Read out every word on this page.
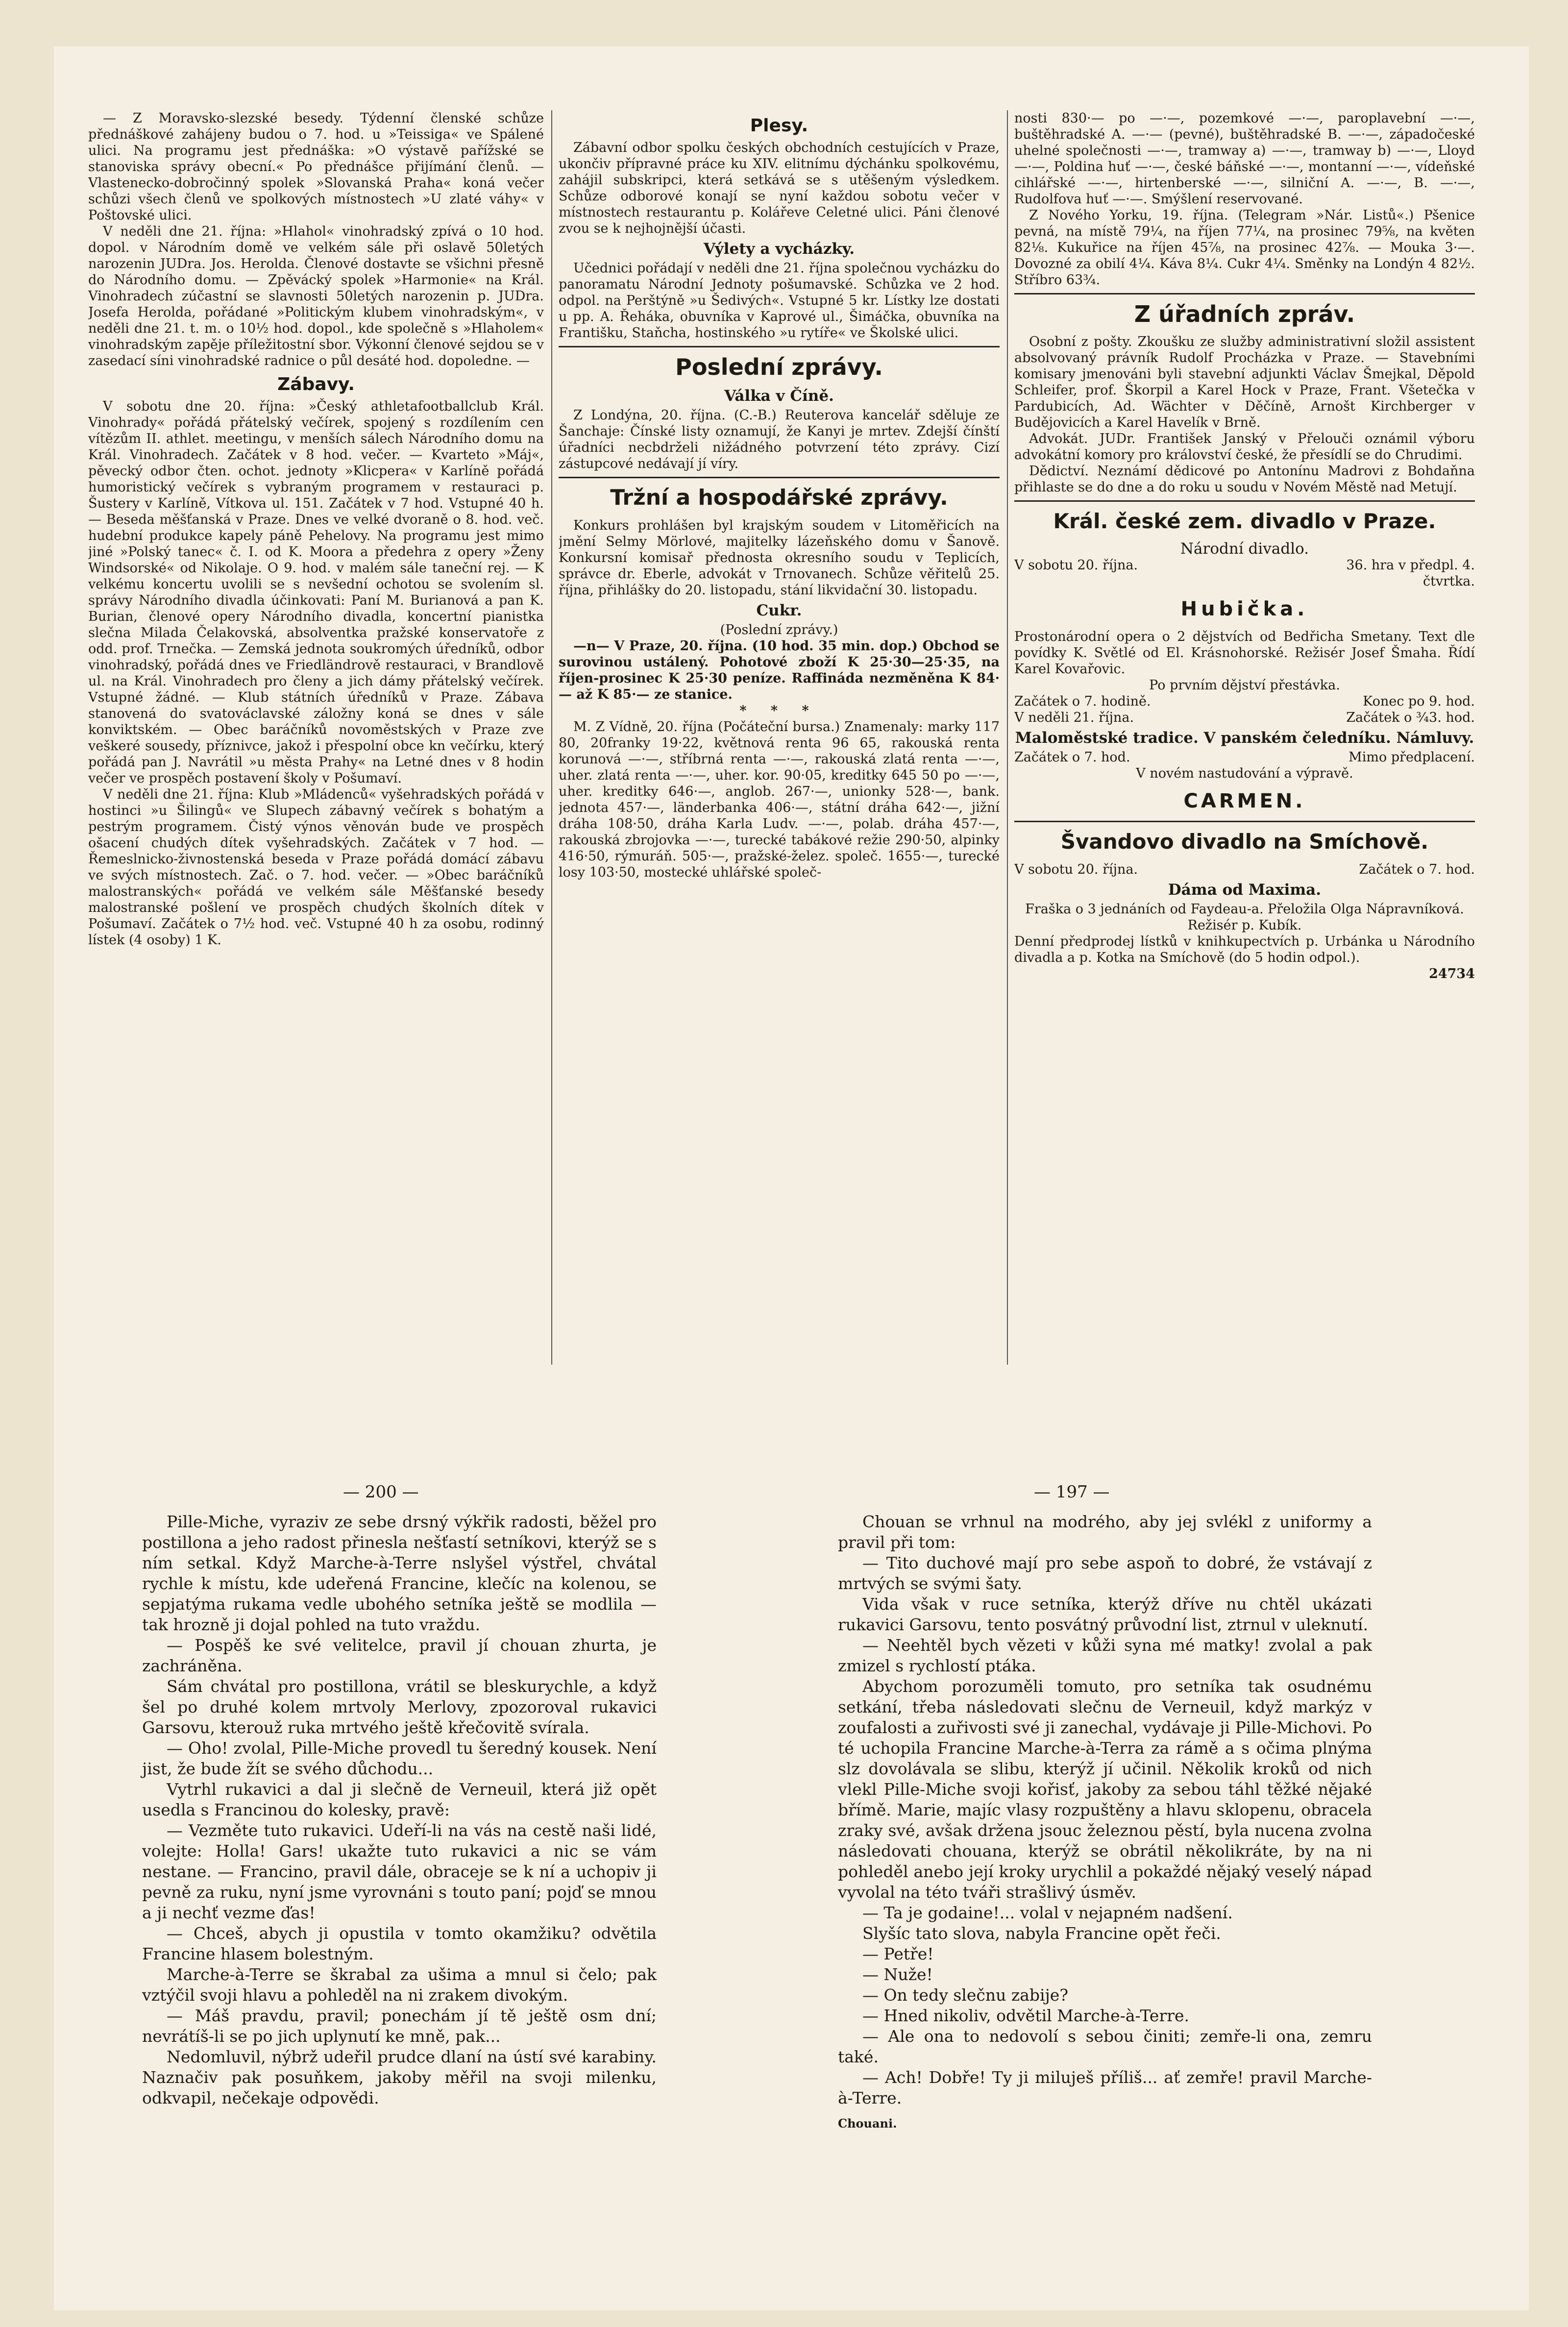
— Z Moravsko-slezské besedy. Týdenní členské schůze přednáškové zahájeny budou o 7. hod. u »Teissiga« ve Spálené ulici. Na programu jest přednáška: »O výstavě pařížské se stanoviska správy obecní.« Po přednášce přijímání členů. — Vlastenecko-dobročinný spolek »Slovanská Praha« koná večer schůzi všech členů ve spolkových místnostech »U zlaté váhy« v Poštovské ulici.

V neděli dne 21. října: »Hlahol« vinohradský zpívá o 10 hod. dopol. v Národním domě ve velkém sále při oslavě 50letých narozenin JUDra. Jos. Herolda. Členové dostavte se všichni přesně do Národního domu. — Zpěvácký spolek »Harmonie« na Král. Vinohradech zúčastní se slavnosti 50letých narozenin p. JUDra. Josefa Herolda, pořádané »Politickým klubem vinohradským«, v neděli dne 21. t. m. o 10½ hod. dopol., kde společně s »Hlaholem« vinohradským zapěje příležitostní sbor. Výkonní členové sejdou se v zasedací síni vinohradské radnice o půl desáté hod. dopoledne. —

Zábavy.

V sobotu dne 20. října: »Český athletafootballclub Král. Vinohrady« pořádá přátelský večírek, spojený s rozdílením cen vítězům II. athlet. meetingu, v menších sálech Národního domu na Král. Vinohradech. Začátek v 8 hod. večer. — Kvarteto »Máj«, pěvecký odbor čten. ochot. jednoty »Klicpera« v Karlíně pořádá humoristický večírek s vybraným programem v restauraci p. Šustery v Karlíně, Vítkova ul. 151. Začátek v 7 hod. Vstupné 40 h. — Beseda měšťanská v Praze. Dnes ve velké dvoraně o 8. hod. več. hudební produkce kapely páně Pehelovy. Na programu jest mimo jiné »Polský tanec« č. I. od K. Moora a předehra z opery »Ženy Windsorské« od Nikolaje. O 9. hod. v malém sále taneční rej. — K velkému koncertu uvolili se s nevšední ochotou se svolením sl. správy Národního divadla účinkovati: Paní M. Burianová a pan K. Burian, členové opery Národního divadla, koncertní pianistka slečna Milada Čelakovská, absolventka pražské konservatoře z odd. prof. Trnečka. — Zemská jednota soukromých úředníků, odbor vinohradský, pořádá dnes ve Friedländrově restauraci, v Brandlově ul. na Král. Vinohradech pro členy a jich dámy přátelský večírek. Vstupné žádné. — Klub státních úředníků v Praze. Zábava stanovená do svatováclavské záložny koná se dnes v sále konviktském. — Obec baráčníků novoměstských v Praze zve veškeré sousedy, příznivce, jakož i přespolní obce kn večírku, který pořádá pan J. Navrátil »u města Prahy« na Letné dnes v 8 hodin večer ve prospěch postavení školy v Pošumaví.

V neděli dne 21. října: Klub »Mládenců« vyšehradských pořádá v hostinci »u Šilingů« ve Slupech zábavný večírek s bohatým a pestrým programem. Čistý výnos věnován bude ve prospěch ošacení chudých dítek vyšehradských. Začátek v 7 hod. — Řemeslnicko-živnostenská beseda v Praze pořádá domácí zábavu ve svých místnostech. Zač. o 7. hod. večer. — »Obec baráčníků malostranských« pořádá ve velkém sále Měšťanské besedy malostranské pošlení ve prospěch chudých školních dítek v Pošumaví. Začátek o 7½ hod. več. Vstupné 40 h za osobu, rodinný lístek (4 osoby) 1 K.

Plesy.

Zábavní odbor spolku českých obchodních cestujících v Praze, ukončiv přípravné práce ku XIV. elitnímu dýchánku spolkovému, zahájil subskripci, která setkává se s utěšeným výsledkem. Schůze odborové konají se nyní každou sobotu večer v místnostech restaurantu p. Kolářeve Celetné ulici. Páni členové zvou se k nejhojnější účasti.

Výlety a vycházky.

Učednici pořádají v neděli dne 21. října společnou vycházku do panoramatu Národní Jednoty pošumavské. Schůzka ve 2 hod. odpol. na Perštýně »u Šedivých«. Vstupné 5 kr. Lístky lze dostati u pp. A. Řeháka, obuvníka v Kaprové ul., Šimáčka, obuvníka na Františku, Staňcha, hostinského »u rytíře« ve Školské ulici.

Poslední zprávy.
Válka v Číně.

Z Londýna, 20. října. (C.-B.) Reuterova kancelář sděluje ze Šanchaje: Čínské listy oznamují, že Kanyi je mrtev. Zdejší čínští úřadníci necbdrželi nižádného potvrzení této zprávy. Cizí zástupcové nedávají jí víry.

Tržní a hospodářské zprávy.

Konkurs prohlášen byl krajským soudem v Litoměřicích na jmění Selmy Mörlové, majitelky lázeňského domu v Šanově. Konkursní komisař přednosta okresního soudu v Teplicích, správce dr. Eberle, advokát v Trnovanech. Schůze věřitelů 25. října, přihlášky do 20. listopadu, stání likvidační 30. listopadu.

Cukr.
(Poslední zprávy.)

—n— V Praze, 20. října. (10 hod. 35 min. dop.) Obchod se surovinou ustálený. Pohotové zboží K 25·30—25·35, na říjen-prosinec K 25·30 peníze. Raffináda nezměněna K 84·— až K 85·— ze stanice.

* * *

M. Z Vídně, 20. října (Počáteční bursa.) Znamenaly: marky 117 80, 20franky 19·22, květnová renta 96 65, rakouská renta korunová —·—, stříbrná renta —·—, rakouská zlatá renta —·—, uher. zlatá renta —·—, uher. kor. 90·05, kreditky 645 50 po —·—, uher. kreditky 646·—, anglob. 267·—, unionky 528·—, bank. jednota 457·—, länderbanka 406·—, státní dráha 642·—, jižní dráha 108·50, dráha Karla Ludv. —·—, polab. dráha 457·—, rakouská zbrojovka —·—, turecké tabákové režie 290·50, alpinky 416·50, rýmuráň. 505·—, pražské-želez. společ. 1655·—, turecké losy 103·50, mostecké uhlářské společ-

nosti 830·— po —·—, pozemkové —·—, paroplavební —·—, buštěhradské A. —·— (pevné), buštěhradské B. —·—, západočeské uhelné společnosti —·—, tramway a) —·—, tramway b) —·—, Lloyd —·—, Poldina huť —·—, české báňské —·—, montanní —·—, vídeňské cihlářské —·—, hirtenberské —·—, silniční A. —·—, B. —·—, Rudolfova huť —·—. Smýšlení reservované.

Z Nového Yorku, 19. října. (Telegram »Nár. Listů«.) Pšenice pevná, na místě 79¼, na říjen 77¼, na prosinec 79⅝, na květen 82⅛. Kukuřice na říjen 45⅞, na prosinec 42⅞. — Mouka 3·—. Dovozné za obilí 4¼. Káva 8¼. Cukr 4¼. Směnky na Londýn 4 82½. Stříbro 63¾.

Z úřadních zpráv.

Osobní z pošty. Zkoušku ze služby administrativní složil assistent absolvovaný právník Rudolf Procházka v Praze. — Stavebními komisary jmenováni byli stavební adjunkti Václav Šmejkal, Děpold Schleifer, prof. Škorpil a Karel Hock v Praze, Frant. Všetečka v Pardubicích, Ad. Wächter v Děčíně, Arnošt Kirchberger v Budějovicích a Karel Havelík v Brně.

Advokát. JUDr. František Janský v Přelouči oznámil výboru advokátní komory pro království české, že přesídlí se do Chrudimi.

Dědictví. Neznámí dědicové po Antonínu Madrovi z Bohdaňna přihlaste se do dne a do roku u soudu v Novém Městě nad Metují.

Král. české zem. divadlo v Praze.
Národní divadlo.
V sobotu 20. října.	36. hra v předpl. 4. čtvrtka.
Hubička.

Prostonárodní opera o 2 dějstvích od Bedřicha Smetany. Text dle povídky K. Světlé od El. Krásnohorské. Režisér Josef Šmaha. Řídí Karel Kovařovic.

Po prvním dějství přestávka.
Začátek o 7. hodině.	Konec po 9. hod.
V neděli 21. října.	Začátek o ¾3. hod.
Maloměstské tradice. V panském čeledníku. Námluvy.
Začátek o 7. hod.	Mimo předplacení.
V novém nastudování a výpravě.
CARMEN.
Švandovo divadlo na Smíchově.
V sobotu 20. října.	Začátek o 7. hod.
Dáma od Maxima.

Fraška o 3 jednáních od Faydeau-a. Přeložila Olga Nápravníková. Režisér p. Kubík.

Denní předprodej lístků v knihkupectvích p. Urbánka u Národního divadla a p. Kotka na Smíchově (do 5 hodin odpol.).

24734
— 200 —	— 197 —

Pille-Miche, vyraziv ze sebe drsný výkřik radosti, běžel pro postillona a jeho radost přinesla nešťastí setníkovi, kterýž se s ním setkal. Když Marche-à-Terre nslyšel výstřel, chvátal rychle k místu, kde udeřená Francine, klečíc na kolenou, se sepjatýma rukama vedle ubohého setníka ještě se modlila — tak hrozně ji dojal pohled na tuto vraždu.

— Pospěš ke své velitelce, pravil jí chouan zhurta, je zachráněna.

Sám chvátal pro postillona, vrátil se bleskurychle, a když šel po druhé kolem mrtvoly Merlovy, zpozoroval rukavici Garsovu, kterouž ruka mrtvého ještě křečovitě svírala.

— Oho! zvolal, Pille-Miche provedl tu šeredný kousek. Není jist, že bude žít se svého důchodu...

Vytrhl rukavici a dal ji slečně de Verneuil, která již opět usedla s Francinou do kolesky, pravě:

— Vezměte tuto rukavici. Udeří-li na vás na cestě naši lidé, volejte: Holla! Gars! ukažte tuto rukavici a nic se vám nestane. — Francino, pravil dále, obraceje se k ní a uchopiv ji pevně za ruku, nyní jsme vyrovnáni s touto paní; pojď se mnou a ji nechť vezme ďas!

— Chceš, abych ji opustila v tomto okamžiku? odvětila Francine hlasem bolestným.

Marche-à-Terre se škrabal za ušima a mnul si čelo; pak vztýčil svoji hlavu a pohleděl na ni zrakem divokým.

— Máš pravdu, pravil; ponechám jí tě ještě osm dní; nevrátíš-li se po jich uplynutí ke mně, pak...

Nedomluvil, nýbrž udeřil prudce dlaní na ústí své karabiny. Naznačiv pak posuňkem, jakoby měřil na svoji milenku, odkvapil, nečekaje odpovědi.

Chouan se vrhnul na modrého, aby jej svlékl z uniformy a pravil při tom:

— Tito duchové mají pro sebe aspoň to dobré, že vstávají z mrtvých se svými šaty.

Vida však v ruce setníka, kterýž dříve nu chtěl ukázati rukavici Garsovu, tento posvátný průvodní list, ztrnul v uleknutí.

— Neehtěl bych vězeti v kůži syna mé matky! zvolal a pak zmizel s rychlostí ptáka.

Abychom porozuměli tomuto, pro setníka tak osudnému setkání, třeba následovati slečnu de Verneuil, když markýz v zoufalosti a zuřivosti své ji zanechal, vydávaje ji Pille-Michovi. Po té uchopila Francine Marche-à-Terra za rámě a s očima plnýma slz dovolávala se slibu, kterýž jí učinil. Několik kroků od nich vlekl Pille-Miche svoji kořisť, jakoby za sebou táhl těžké nějaké břímě. Marie, majíc vlasy rozpuštěny a hlavu sklopenu, obracela zraky své, avšak držena jsouc železnou pěstí, byla nucena zvolna následovati chouana, kterýž se obrátil několikráte, by na ni pohleděl anebo její kroky urychlil a pokaždé nějaký veselý nápad vyvolal na této tváři strašlivý úsměv.

— Ta je godaine!... volal v nejapném nadšení.

Slyšíc tato slova, nabyla Francine opět řeči.

— Petře!

— Nuže!

— On tedy slečnu zabije?

— Hned nikoliv, odvětil Marche-à-Terre.

— Ale ona to nedovolí s sebou činiti; zemře-li ona, zemru také.

— Ach! Dobře! Ty ji miluješ příliš... ať zemře! pravil Marche-à-Terre.

Chouani.
